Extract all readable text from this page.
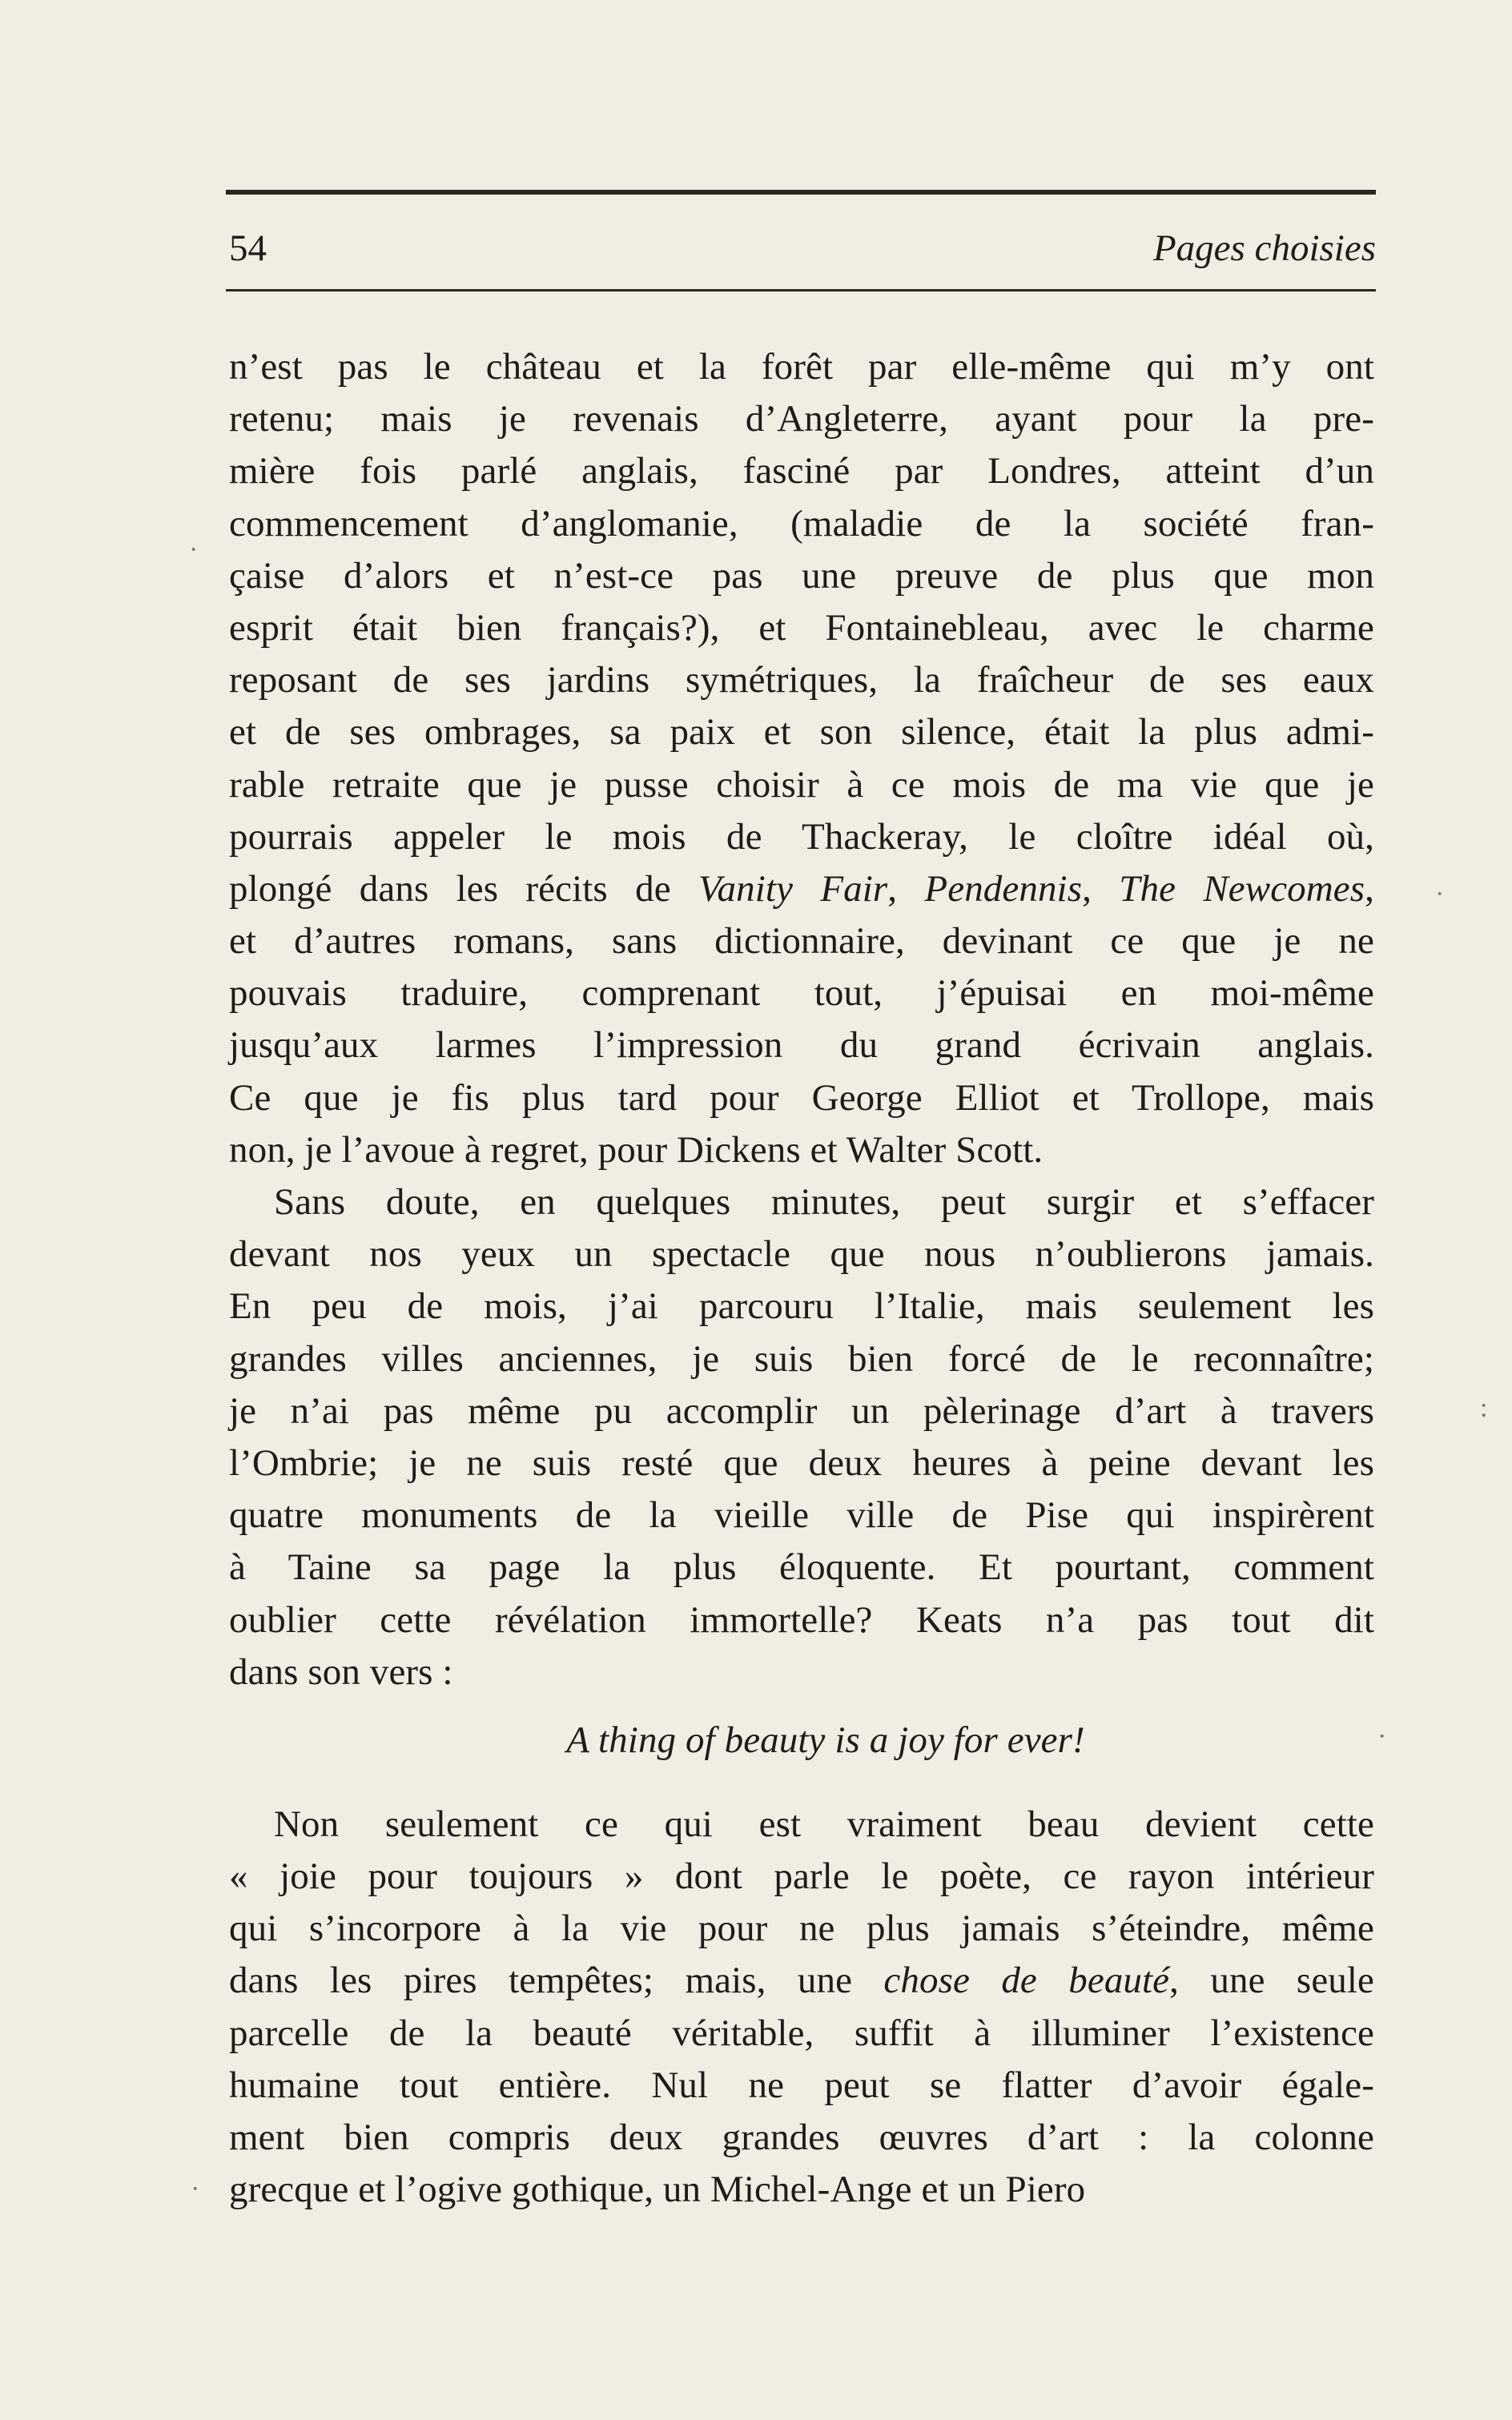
54	Pages choisies
n’est pas le château et la forêt par elle-même qui m’y ont
retenu; mais je revenais d’Angleterre, ayant pour la pre-
mière fois parlé anglais, fasciné par Londres, atteint d’un
commencement d’anglomanie, (maladie de la société fran-
çaise d’alors et n’est-ce pas une preuve de plus que mon
esprit était bien français?), et Fontainebleau, avec le charme
reposant de ses jardins symétriques, la fraîcheur de ses eaux
et de ses ombrages, sa paix et son silence, était la plus admi-
rable retraite que je pusse choisir à ce mois de ma vie que je
pourrais appeler le mois de Thackeray, le cloître idéal où,
plongé dans les récits de Vanity Fair, Pendennis, The Newcomes,
et d’autres romans, sans dictionnaire, devinant ce que je ne
pouvais traduire, comprenant tout, j’épuisai en moi-même
jusqu’aux larmes l’impression du grand écrivain anglais.
Ce que je fis plus tard pour George Elliot et Trollope, mais
non, je l’avoue à regret, pour Dickens et Walter Scott.
Sans doute, en quelques minutes, peut surgir et s’effacer
devant nos yeux un spectacle que nous n’oublierons jamais.
En peu de mois, j’ai parcouru l’Italie, mais seulement les
grandes villes anciennes, je suis bien forcé de le reconnaître;
je n’ai pas même pu accomplir un pèlerinage d’art à travers
l’Ombrie; je ne suis resté que deux heures à peine devant les
quatre monuments de la vieille ville de Pise qui inspirèrent
à Taine sa page la plus éloquente. Et pourtant, comment
oublier cette révélation immortelle? Keats n’a pas tout dit
dans son vers :
A thing of beauty is a joy for ever!
Non seulement ce qui est vraiment beau devient cette
« joie pour toujours » dont parle le poète, ce rayon intérieur
qui s’incorpore à la vie pour ne plus jamais s’éteindre, même
dans les pires tempêtes; mais, une chose de beauté, une seule
parcelle de la beauté véritable, suffit à illuminer l’existence
humaine tout entière. Nul ne peut se flatter d’avoir égale-
ment bien compris deux grandes œuvres d’art : la colonne
grecque et l’ogive gothique, un Michel-Ange et un Piero
·
·
:
·
·
